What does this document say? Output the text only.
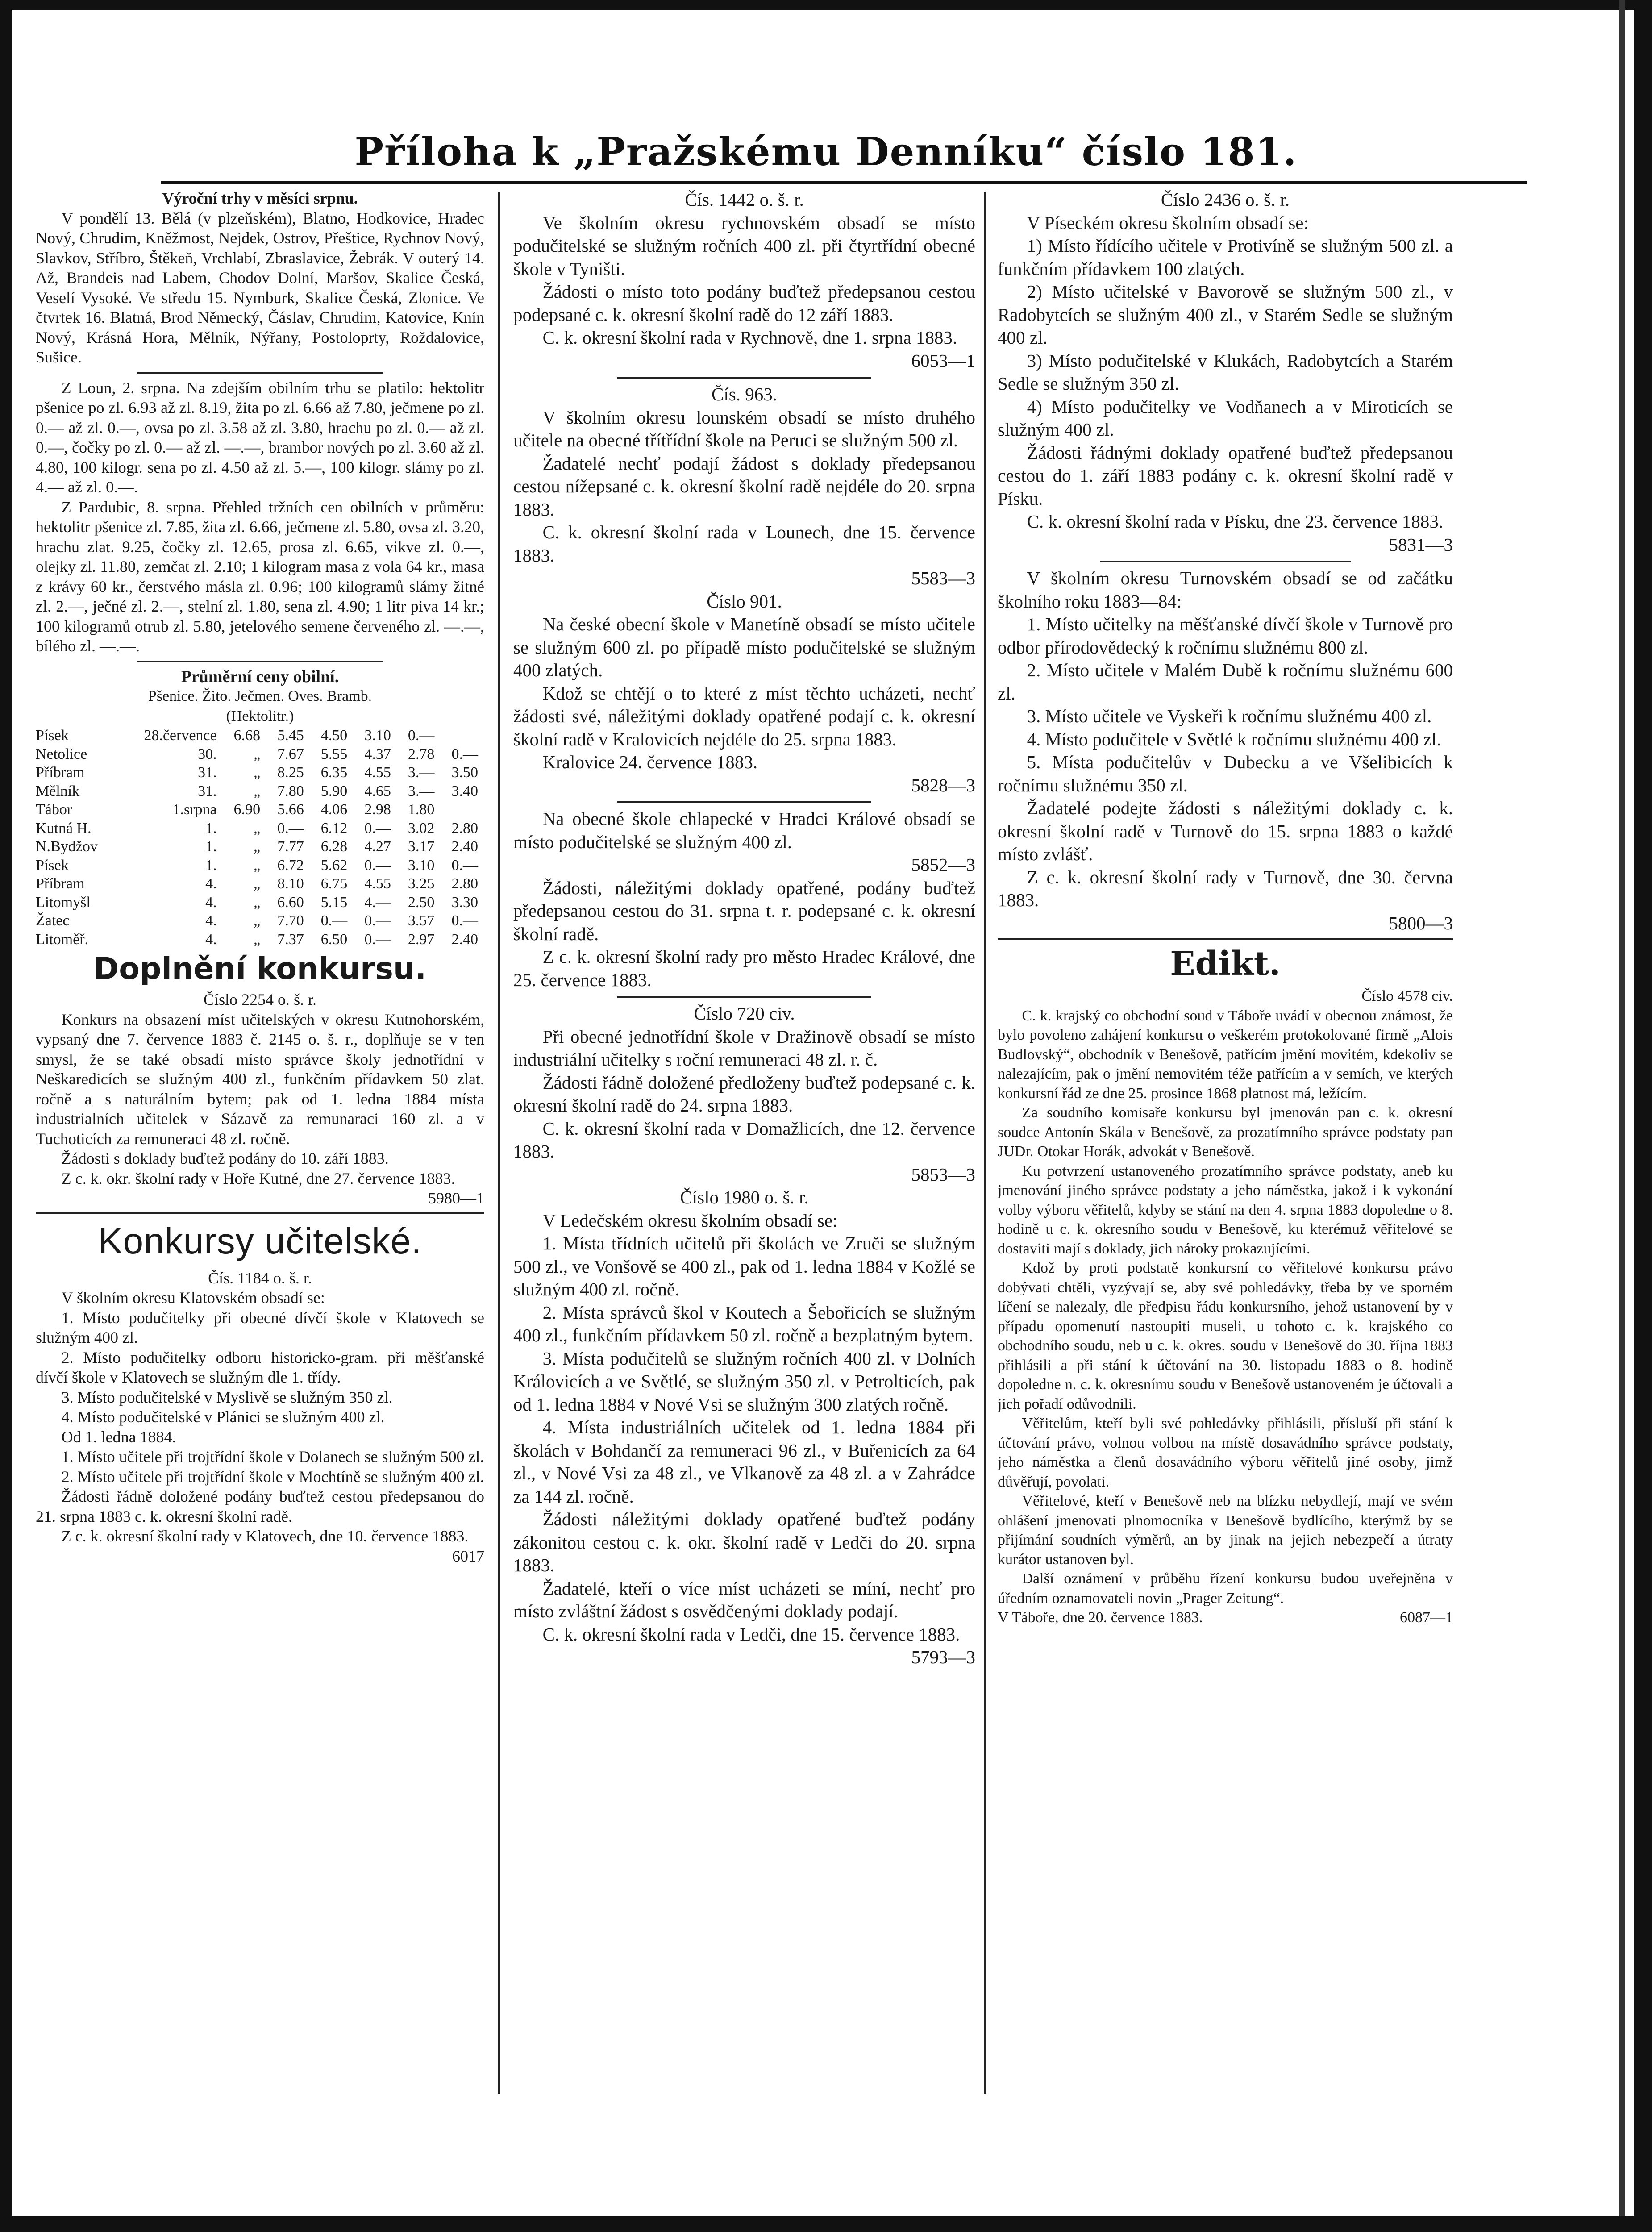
Příloha k „Pražskému Denníku“ číslo 181.

Výroční trhy v měsíci srpnu.

V pondělí 13. Bělá (v plzeňském), Blatno, Hodkovice, Hradec Nový, Chrudim, Kněžmost, Nejdek, Ostrov, Přeštice, Rychnov Nový, Slavkov, Stříbro, Štěkeň, Vrchlabí, Zbraslavice, Žebrák. V outerý 14. Až, Brandeis nad Labem, Chodov Dolní, Maršov, Skalice Česká, Veselí Vysoké. Ve středu 15. Nymburk, Skalice Česká, Zlonice. Ve čtvrtek 16. Blatná, Brod Německý, Čáslav, Chrudim, Katovice, Knín Nový, Krásná Hora, Mělník, Nýřany, Postoloprty, Roždalovice, Sušice.

Z Loun, 2. srpna. Na zdejším obilním trhu se platilo: hektolitr pšenice po zl. 6.93 až zl. 8.19, žita po zl. 6.66 až 7.80, ječmene po zl. 0.— až zl. 0.—, ovsa po zl. 3.58 až zl. 3.80, hrachu po zl. 0.— až zl. 0.—, čočky po zl. 0.— až zl. —.—, brambor nových po zl. 3.60 až zl. 4.80, 100 kilogr. sena po zl. 4.50 až zl. 5.—, 100 kilogr. slámy po zl. 4.— až zl. 0.—.

Z Pardubic, 8. srpna. Přehled tržních cen obilních v průměru: hektolitr pšenice zl. 7.85, žita zl. 6.66, ječmene zl. 5.80, ovsa zl. 3.20, hrachu zlat. 9.25, čočky zl. 12.65, prosa zl. 6.65, vikve zl. 0.—, olejky zl. 11.80, zemčat zl. 2.10; 1 kilogram masa z vola 64 kr., masa z krávy 60 kr., čerstvého másla zl. 0.96; 100 kilogramů slámy žitné zl. 2.—, ječné zl. 2.—, stelní zl. 1.80, sena zl. 4.90; 1 litr piva 14 kr.; 100 kilogramů otrub zl. 5.80, jetelového semene červeného zl. —.—, bílého zl. —.—.

Průměrní ceny obilní.

Pšenice. Žito. Ječmen. Oves. Bramb.

(Hektolitr.)

Písek	28.července	6.68	5.45	4.50	3.10	0.—	
Netolice	30.	„	7.67	5.55	4.37	2.78	0.—
Příbram	31.	„	8.25	6.35	4.55	3.—	3.50
Mělník	31.	„	7.80	5.90	4.65	3.—	3.40
Tábor	1.srpna	6.90	5.66	4.06	2.98	1.80	
Kutná H.	1.	„	0.—	6.12	0.—	3.02	2.80
N.Bydžov	1.	„	7.77	6.28	4.27	3.17	2.40
Písek	1.	„	6.72	5.62	0.—	3.10	0.—
Příbram	4.	„	8.10	6.75	4.55	3.25	2.80
Litomyšl	4.	„	6.60	5.15	4.—	2.50	3.30
Žatec	4.	„	7.70	0.—	0.—	3.57	0.—
Litoměř.	4.	„	7.37	6.50	0.—	2.97	2.40
Doplnění konkursu.

Číslo 2254 o. š. r.

Konkurs na obsazení míst učitelských v okresu Kutnohorském, vypsaný dne 7. července 1883 č. 2145 o. š. r., doplňuje se v ten smysl, že se také obsadí místo správce školy jednotřídní v Neškaredicích se služným 400 zl., funkčním přídavkem 50 zlat. ročně a s naturálním bytem; pak od 1. ledna 1884 místa industrialních učitelek v Sázavě za remunaraci 160 zl. a v Tuchoticích za remuneraci 48 zl. ročně.

Žádosti s doklady buďtež podány do 10. září 1883.

Z c. k. okr. školní rady v Hoře Kutné, dne 27. července 1883.

5980—1

Konkursy učitelské.

Čís. 1184 o. š. r.

V školním okresu Klatovském obsadí se:

1. Místo podučitelky při obecné dívčí škole v Klatovech se služným 400 zl.

2. Místo podučitelky odboru historicko-gram. při měšťanské dívčí škole v Klatovech se služným dle 1. třídy.

3. Místo podučitelské v Myslivě se služným 350 zl.

4. Místo podučitelské v Plánici se služným 400 zl.

Od 1. ledna 1884.

1. Místo učitele při trojtřídní škole v Dolanech se služným 500 zl.

2. Místo učitele při trojtřídní škole v Mochtíně se služným 400 zl.

Žádosti řádně doložené podány buďtež cestou předepsanou do 21. srpna 1883 c. k. okresní školní radě.

Z c. k. okresní školní rady v Klatovech, dne 10. července 1883.

6017

Čís. 1442 o. š. r.

Ve školním okresu rychnovském obsadí se místo podučitelské se služným ročních 400 zl. při čtyrtřídní obecné škole v Tyništi.

Žádosti o místo toto podány buďtež předepsanou cestou podepsané c. k. okresní školní radě do 12 září 1883.

C. k. okresní školní rada v Rychnově, dne 1. srpna 1883.

6053—1

Čís. 963.

V školním okresu lounském obsadí se místo druhého učitele na obecné třítřídní škole na Peruci se služným 500 zl.

Žadatelé nechť podají žádost s doklady předepsanou cestou nížepsané c. k. okresní školní radě nejdéle do 20. srpna 1883.

C. k. okresní školní rada v Lounech, dne 15. července 1883.

5583—3

Číslo 901.

Na české obecní škole v Manetíně obsadí se místo učitele se služným 600 zl. po případě místo podučitelské se služným 400 zlatých.

Kdož se chtějí o to které z míst těchto ucházeti, nechť žádosti své, náležitými doklady opatřené podají c. k. okresní školní radě v Kralovicích nejdéle do 25. srpna 1883.

Kralovice 24. července 1883.

5828—3

Na obecné škole chlapecké v Hradci Králové obsadí se místo podučitelské se služným 400 zl.

5852—3

Žádosti, náležitými doklady opatřené, podány buďtež předepsanou cestou do 31. srpna t. r. podepsané c. k. okresní školní radě.

Z c. k. okresní školní rady pro město Hradec Králové, dne 25. července 1883.

Číslo 720 civ.

Při obecné jednotřídní škole v Dražinově obsadí se místo industriální učitelky s roční remuneraci 48 zl. r. č.

Žádosti řádně doložené předloženy buďtež podepsané c. k. okresní školní radě do 24. srpna 1883.

C. k. okresní školní rada v Domažlicích, dne 12. července 1883.

5853—3

Číslo 1980 o. š. r.

V Ledečském okresu školním obsadí se:

1. Místa třídních učitelů při školách ve Zruči se služným 500 zl., ve Vonšově se 400 zl., pak od 1. ledna 1884 v Kožlé se služným 400 zl. ročně.

2. Místa správců škol v Koutech a Šebořicích se služným 400 zl., funkčním přídavkem 50 zl. ročně a bezplatným bytem.

3. Místa podučitelů se služným ročních 400 zl. v Dolních Královicích a ve Světlé, se služným 350 zl. v Petrolticích, pak od 1. ledna 1884 v Nové Vsi se služným 300 zlatých ročně.

4. Místa industriálních učitelek od 1. ledna 1884 při školách v Bohdančí za remuneraci 96 zl., v Buřenicích za 64 zl., v Nové Vsi za 48 zl., ve Vlkanově za 48 zl. a v Zahrádce za 144 zl. ročně.

Žádosti náležitými doklady opatřené buďtež podány zákonitou cestou c. k. okr. školní radě v Ledči do 20. srpna 1883.

Žadatelé, kteří o více míst ucházeti se míní, nechť pro místo zvláštní žádost s osvědčenými doklady podají.

C. k. okresní školní rada v Ledči, dne 15. července 1883.

5793—3

Číslo 2436 o. š. r.

V Píseckém okresu školním obsadí se:

1) Místo řídícího učitele v Protivíně se služným 500 zl. a funkčním přídavkem 100 zlatých.

2) Místo učitelské v Bavorově se služným 500 zl., v Radobytcích se služným 400 zl., v Starém Sedle se služným 400 zl.

3) Místo podučitelské v Klukách, Radobytcích a Starém Sedle se služným 350 zl.

4) Místo podučitelky ve Vodňanech a v Miroticích se služným 400 zl.

Žádosti řádnými doklady opatřené buďtež předepsanou cestou do 1. září 1883 podány c. k. okresní školní radě v Písku.

C. k. okresní školní rada v Písku, dne 23. července 1883.

5831—3

V školním okresu Turnovském obsadí se od začátku školního roku 1883—84:

1. Místo učitelky na měšťanské dívčí škole v Turnově pro odbor přírodovědecký k ročnímu služnému 800 zl.

2. Místo učitele v Malém Dubě k ročnímu služnému 600 zl.

3. Místo učitele ve Vyskeři k ročnímu služnému 400 zl.

4. Místo podučitele v Světlé k ročnímu služnému 400 zl.

5. Místa podučitelův v Dubecku a ve Všelibicích k ročnímu služnému 350 zl.

Žadatelé podejte žádosti s náležitými doklady c. k. okresní školní radě v Turnově do 15. srpna 1883 o každé místo zvlášť.

Z c. k. okresní školní rady v Turnově, dne 30. června 1883.

5800—3

Edikt.

Číslo 4578 civ.

C. k. krajský co obchodní soud v Táboře uvádí v obecnou známost, že bylo povoleno zahájení konkursu o veškerém protokolované firmě „Alois Budlovský“, obchodník v Benešově, patřícím jmění movitém, kdekoliv se nalezajícím, pak o jmění nemovitém téže patřícím a v semích, ve kterých konkursní řád ze dne 25. prosince 1868 platnost má, ležícím.

Za soudního komisaře konkursu byl jmenován pan c. k. okresní soudce Antonín Skála v Benešově, za prozatímního správce podstaty pan JUDr. Otokar Horák, advokát v Benešově.

Ku potvrzení ustanoveného prozatímního správce podstaty, aneb ku jmenování jiného správce podstaty a jeho náměstka, jakož i k vykonání volby výboru věřitelů, kdyby se stání na den 4. srpna 1883 dopoledne o 8. hodině u c. k. okresního soudu v Benešově, ku kterémuž věřitelové se dostaviti mají s doklady, jich nároky prokazujícími.

Kdož by proti podstatě konkursní co věřitelové konkursu právo dobývati chtěli, vyzývají se, aby své pohledávky, třeba by ve sporném líčení se nalezaly, dle předpisu řádu konkursního, jehož ustanovení by v případu opomenutí nastoupiti museli, u tohoto c. k. krajského co obchodního soudu, neb u c. k. okres. soudu v Benešově do 30. října 1883 přihlásili a při stání k účtování na 30. listopadu 1883 o 8. hodině dopoledne n. c. k. okresnímu soudu v Benešově ustanoveném je účtovali a jich pořadí odůvodnili.

Věřitelům, kteří byli své pohledávky přihlásili, přísluší při stání k účtování právo, volnou volbou na místě dosavádního správce podstaty, jeho náměstka a členů dosavádního výboru věřitelů jiné osoby, jimž důvěřují, povolati.

Věřitelové, kteří v Benešově neb na blízku nebydlejí, mají ve svém ohlášení jmenovati plnomocníka v Benešově bydlícího, kterýmž by se přijímání soudních výměrů, an by jinak na jejich nebezpečí a útraty kurátor ustanoven byl.

Další oznámení v průběhu řízení konkursu budou uveřejněna v úředním oznamovateli novin „Prager Zeitung“.

V Táboře, dne 20. července 1883.	6087—1
